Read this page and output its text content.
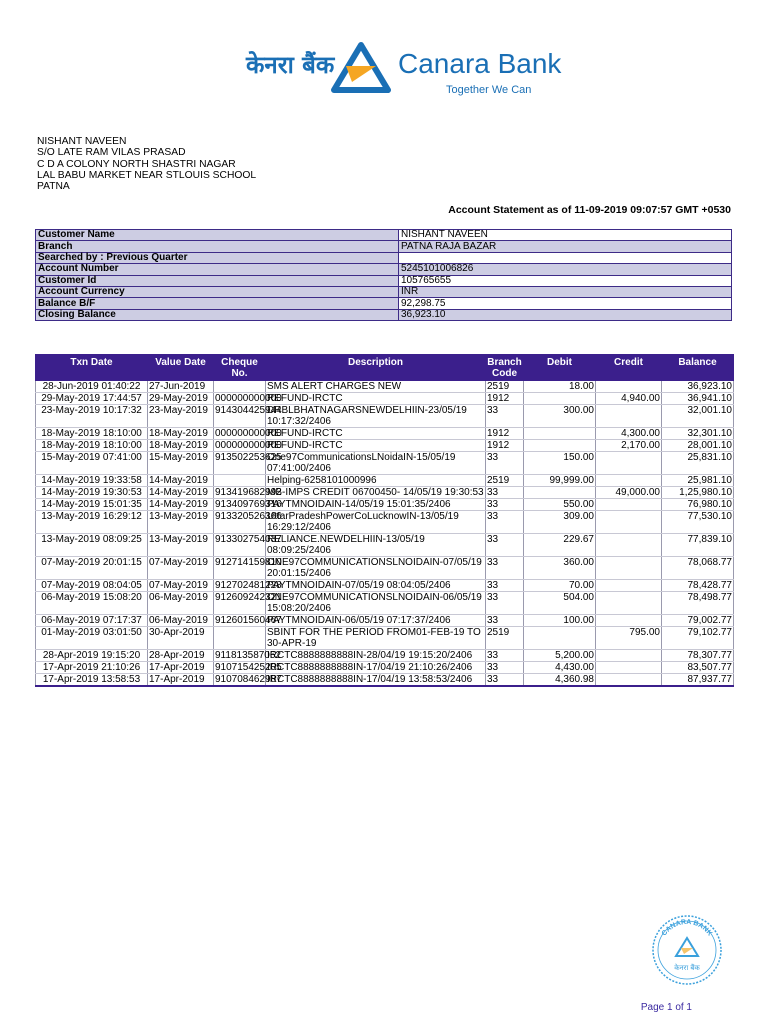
केनरा बैंक Canara Bank
Together We Can
NISHANT NAVEEN
S/O LATE RAM VILAS PRASAD
C D A COLONY NORTH SHASTRI NAGAR
LAL BABU MARKET NEAR STLOUIS SCHOOL
PATNA
Account Statement as of 11-09-2019 09:07:57 GMT +0530
Customer Name	NISHANT NAVEEN
Branch	PATNA RAJA BAZAR
Searched by : Previous Quarter	
Account Number	5245101006826
Customer Id	105765655
Account Currency	INR
Balance B/F	92,298.75
Closing Balance	36,923.10
Txn Date	Value Date	Cheque No.	Description	Branch Code	Debit	Credit	Balance
28-Jun-2019 01:40:22	27-Jun-2019		SMS ALERT CHARGES NEW	2519	18.00		36,923.10
29-May-2019 17:44:57	29-May-2019	000000000000	REFUND-IRCTC	1912		4,940.00	36,941.10
23-May-2019 10:17:32	23-May-2019	914304425944	DRBLBHATNAGARSNEWDELHIIN-23/05/19 10:17:32/2406	33	300.00		32,001.10
18-May-2019 18:10:00	18-May-2019	000000000000	REFUND-IRCTC	1912		4,300.00	32,301.10
18-May-2019 18:10:00	18-May-2019	000000000000	REFUND-IRCTC	1912		2,170.00	28,001.10
15-May-2019 07:41:00	15-May-2019	913502253625	One97CommunicationsLNoidaIN-15/05/19 07:41:00/2406	33	150.00		25,831.10
14-May-2019 19:33:58	14-May-2019		Helping-6258101000996	2519	99,999.00		25,981.10
14-May-2019 19:30:53	14-May-2019	913419682992	MB-IMPS CREDIT 06700450- 14/05/19 19:30:53	33		49,000.00	1,25,980.10
14-May-2019 15:01:35	14-May-2019	913409769316	PAYTMNOIDAIN-14/05/19 15:01:35/2406	33	550.00		76,980.10
13-May-2019 16:29:12	13-May-2019	913320526366	UttarPradeshPowerCoLucknowIN-13/05/19 16:29:12/2406	33	309.00		77,530.10
13-May-2019 08:09:25	13-May-2019	913302754037	RELIANCE.NEWDELHIIN-13/05/19 08:09:25/2406	33	229.67		77,839.10
07-May-2019 20:01:15	07-May-2019	912714159810	ONE97COMMUNICATIONSLNOIDAIN-07/05/19 20:01:15/2406	33	360.00		78,068.77
07-May-2019 08:04:05	07-May-2019	912702481228	PAYTMNOIDAIN-07/05/19 08:04:05/2406	33	70.00		78,428.77
06-May-2019 15:08:20	06-May-2019	912609242321	ONE97COMMUNICATIONSLNOIDAIN-06/05/19 15:08:20/2406	33	504.00		78,498.77
06-May-2019 07:17:37	06-May-2019	912601560467	PAYTMNOIDAIN-06/05/19 07:17:37/2406	33	100.00		79,002.77
01-May-2019 03:01:50	30-Apr-2019		SBINT FOR THE PERIOD FROM01-FEB-19 TO 30-APR-19	2519		795.00	79,102.77
28-Apr-2019 19:15:20	28-Apr-2019	911813587062	IRCTC8888888888IN-28/04/19 19:15:20/2406	33	5,200.00		78,307.77
17-Apr-2019 21:10:26	17-Apr-2019	910715425205	IRCTC8888888888IN-17/04/19 21:10:26/2406	33	4,430.00		83,507.77
17-Apr-2019 13:58:53	17-Apr-2019	910708462987	IRCTC8888888888IN-17/04/19 13:58:53/2406	33	4,360.98		87,937.77
CANARA BANK
केनरा बैंक
Page 1 of 1
